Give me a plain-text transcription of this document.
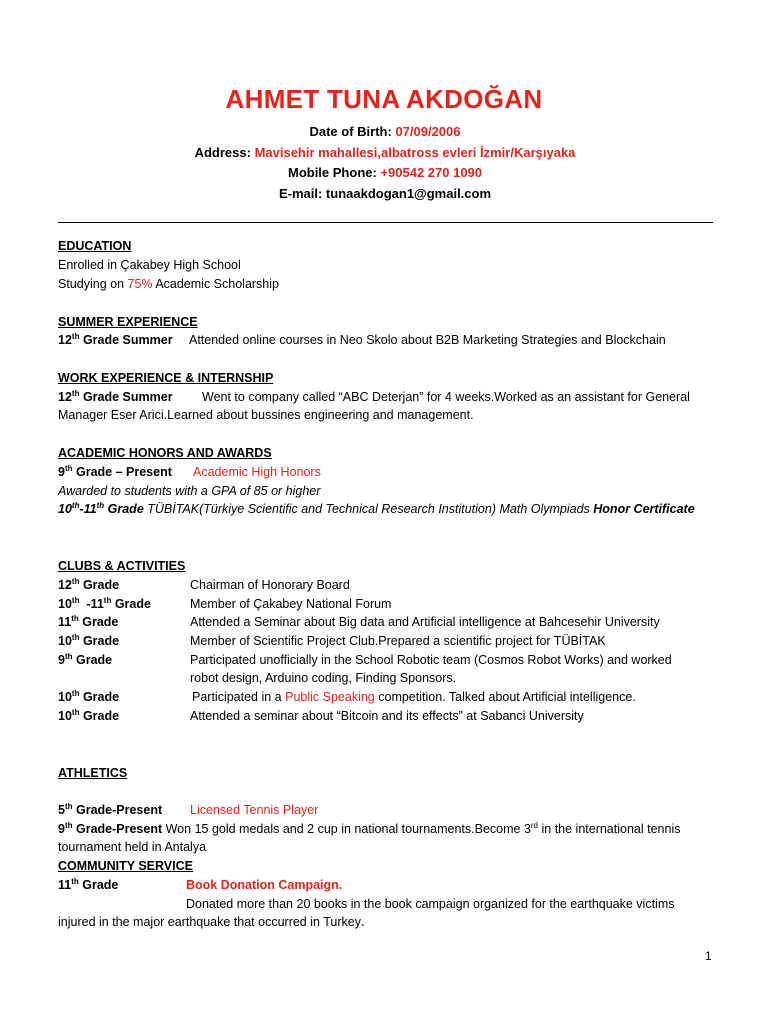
AHMET TUNA AKDOĞAN
Date of Birth: 07/09/2006
Address: Mavisehir mahallesi,albatross evleri İzmir/Karşıyaka
Mobile Phone: +90542 270 1090
E-mail: tunaakdogan1@gmail.com
EDUCATION
Enrolled in Çakabey High School
Studying on 75% Academic Scholarship
SUMMER EXPERIENCE
12th Grade Summer Attended online courses in Neo Skolo about B2B Marketing Strategies and Blockchain
WORK EXPERIENCE & INTERNSHIP
12th Grade Summer Went to company called “ABC Deterjan” for 4 weeks.Worked as an assistant for General
Manager Eser Arici.Learned about bussines engineering and management.
ACADEMIC HONORS AND AWARDS
9th Grade – Present Academic High Honors
Awarded to students with a GPA of 85 or higher
10th-11th Grade TÜBİTAK(Türkiye Scientific and Technical Research Institution) Math Olympiads Honor Certificate
CLUBS & ACTIVITIES
12th Grade	Chairman of Honorary Board
10th  -11th Grade	Member of Çakabey National Forum
11th Grade	Attended a Seminar about Big data and Artificial intelligence at Bahcesehir University
10th Grade	Member of Scientific Project Club.Prepared a scientific project for TÜBİTAK
9th Grade	Participated unofficially in the School Robotic team (Cosmos Robot Works) and worked
robot design, Arduino coding, Finding Sponsors.
10th Grade	Participated in a Public Speaking competition. Talked about Artificial intelligence.
10th Grade	Attended a seminar about “Bitcoin and its effects” at Sabanci University
ATHLETICS
5th Grade-Present Licensed Tennis Player
9th Grade-Present Won 15 gold medals and 2 cup in national tournaments.Become 3rd in the international tennis
tournament held in Antalya
COMMUNITY SERVICE
11th Grade	Book Donation Campaign.
Donated more than 20 books in the book campaign organized for the earthquake victims
injured in the major earthquake that occurred in Turkey.
1
